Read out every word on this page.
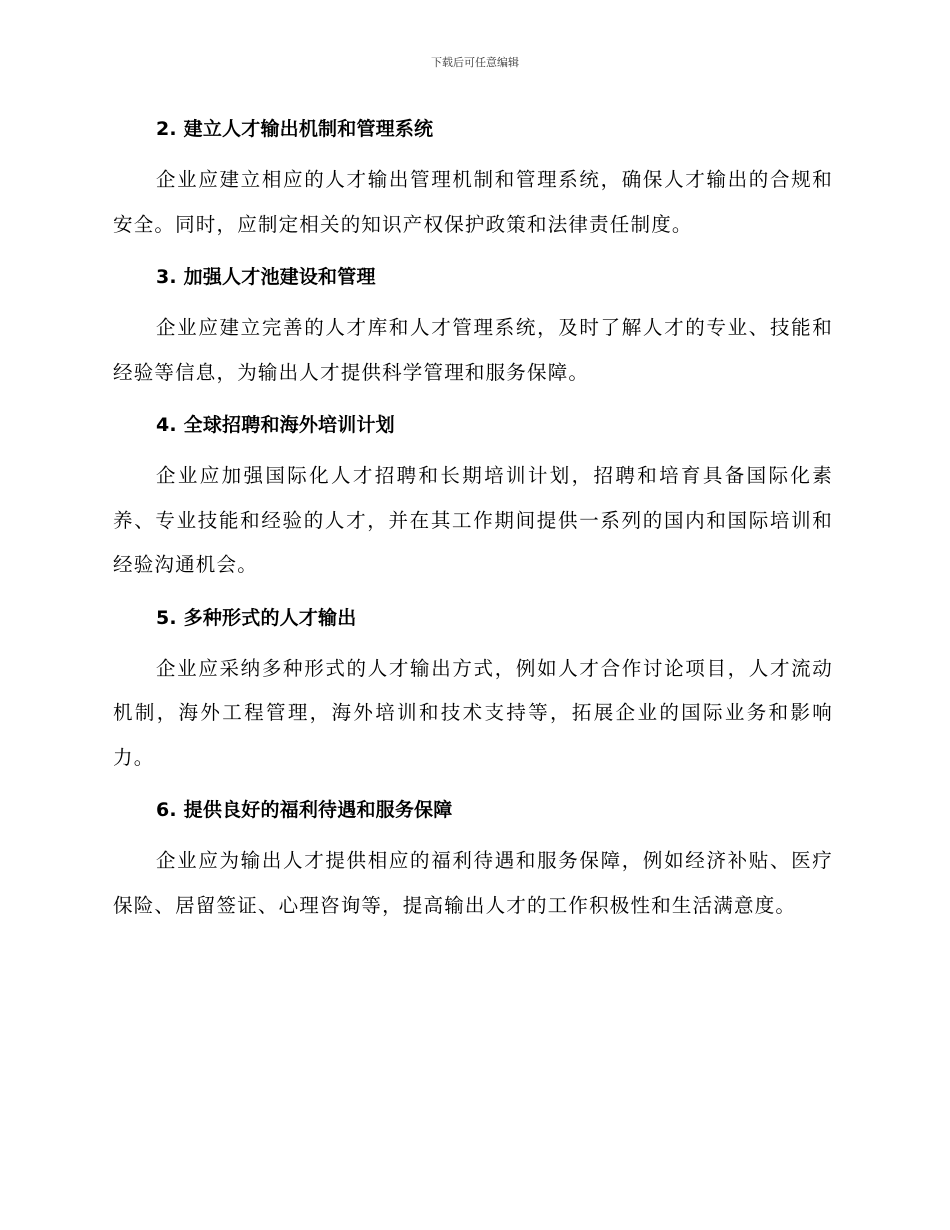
下载后可任意编辑
2. 建立人才输出机制和管理系统
企业应建立相应的人才输出管理机制和管理系统，确保人才输出的合规和安全。同时，应制定相关的知识产权保护政策和法律责任制度。
3. 加强人才池建设和管理
企业应建立完善的人才库和人才管理系统，及时了解人才的专业、技能和经验等信息，为输出人才提供科学管理和服务保障。
4. 全球招聘和海外培训计划
企业应加强国际化人才招聘和长期培训计划，招聘和培育具备国际化素养、专业技能和经验的人才，并在其工作期间提供一系列的国内和国际培训和经验沟通机会。
5. 多种形式的人才输出
企业应采纳多种形式的人才输出方式，例如人才合作讨论项目，人才流动机制，海外工程管理，海外培训和技术支持等，拓展企业的国际业务和影响力。
6. 提供良好的福利待遇和服务保障
企业应为输出人才提供相应的福利待遇和服务保障，例如经济补贴、医疗保险、居留签证、心理咨询等，提高输出人才的工作积极性和生活满意度。
